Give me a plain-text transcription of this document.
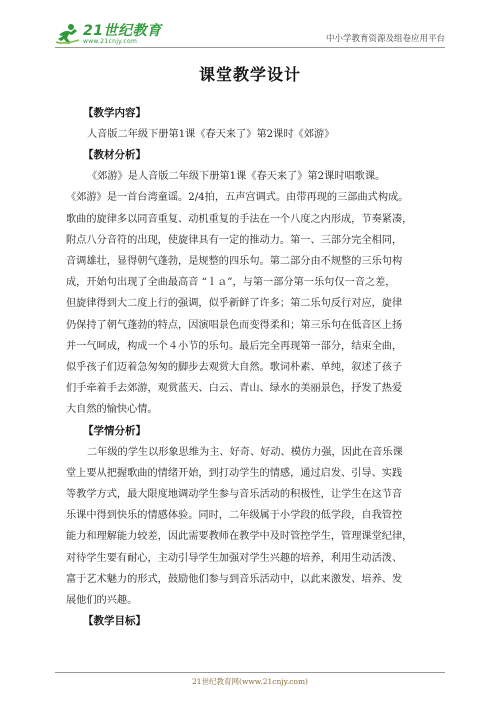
21世纪教育
www.21cnjy.com	中小学教育资源及组卷应用平台
课堂教学设计
【教学内容】

人音版二年级下册第1课《春天来了》第2课时《郊游》

【教材分析】

《郊游》是人音版二年级下册第1课《春天来了》第2课时唱歌课。
《郊游》是一首台湾童谣。2/4拍，五声宫调式。由带再现的三部曲式构成。
歌曲的旋律多以同音重复、动机重复的手法在一个八度之内形成，节奏紧凑，
附点八分音符的出现，使旋律具有一定的推动力。第一、三部分完全相同，
音调雄壮，显得朝气蓬勃，是规整的四乐句。第二部分由不规整的三乐句构
成，开始句出现了全曲最高音 “ｌａ”，与第一部分第一乐句仅一音之差，
但旋律得到大二度上行的强调，似乎新鲜了许多；第二乐句反行对应，旋律
仍保持了朝气蓬勃的特点，因演唱景色而变得柔和；第三乐句在低音区上扬
并一气呵成，构成一个４小节的乐句。最后完全再现第一部分，结束全曲，
似乎孩子们迈着急匆匆的脚步去观赏大自然。歌词朴素、单纯，叙述了孩子
们手牵着手去郊游，观赏蓝天、白云、青山、绿水的美丽景色，抒发了热爱
大自然的愉快心情。

【学情分析】

二年级的学生以形象思维为主、好奇、好动、模仿力强，因此在音乐课
堂上要从把握歌曲的情绪开始，到打动学生的情感，通过启发、引导、实践
等教学方式，最大限度地调动学生参与音乐活动的积极性，让学生在这节音
乐课中得到快乐的情感体验。同时，二年级属于小学段的低学段，自我管控
能力和理解能力较差，因此需要教师在教学中及时管控学生，管理课堂纪律，
对待学生要有耐心，主动引导学生加强对学生兴趣的培养，利用生动活泼、
富于艺术魅力的形式，鼓励他们参与到音乐活动中，以此来激发、培养、发
展他们的兴趣。

【教学目标】
21世纪教育网(www.21cnjy.com)
